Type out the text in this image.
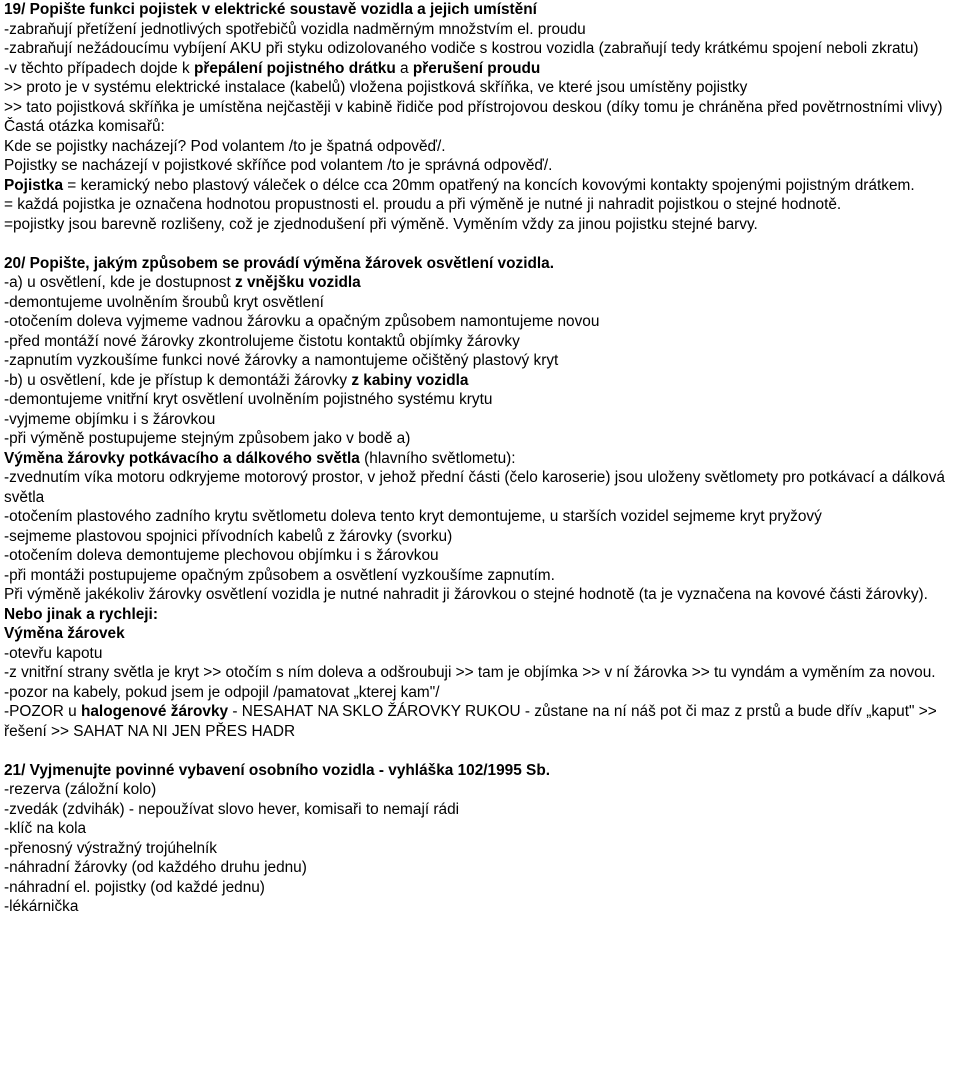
19/ Popište funkci pojistek v elektrické soustavě vozidla a jejich umístění

-zabraňují přetížení jednotlivých spotřebičů vozidla nadměrným množstvím el. proudu

-zabraňují nežádoucímu vybíjení AKU při styku odizolovaného vodiče s kostrou vozidla (zabraňují tedy krátkému spojení neboli zkratu)

-v těchto případech dojde k přepálení pojistného drátku a přerušení proudu

>> proto je v systému elektrické instalace (kabelů) vložena pojistková skříňka, ve které jsou umístěny pojistky

>> tato pojistková skříňka je umístěna nejčastěji v kabině řidiče pod přístrojovou deskou (díky tomu je chráněna před povětrnostními vlivy)

Častá otázka komisařů:

Kde se pojistky nacházejí? Pod volantem /to je špatná odpověď/.

Pojistky se nacházejí v pojistkové skříňce pod volantem /to je správná odpověď/.

Pojistka = keramický nebo plastový váleček o délce cca 20mm opatřený na koncích kovovými kontakty spojenými pojistným drátkem.

= každá pojistka je označena hodnotou propustnosti el. proudu a při výměně je nutné ji nahradit pojistkou o stejné hodnotě.

=pojistky jsou barevně rozlišeny, což je zjednodušení při výměně. Vyměním vždy za jinou pojistku stejné barvy.

20/ Popište, jakým způsobem se provádí výměna žárovek osvětlení vozidla.

-a) u osvětlení, kde je dostupnost z vnějšku vozidla

-demontujeme uvolněním šroubů kryt osvětlení

-otočením doleva vyjmeme vadnou žárovku a opačným způsobem namontujeme novou

-před montáží nové žárovky zkontrolujeme čistotu kontaktů objímky žárovky

-zapnutím vyzkoušíme funkci nové žárovky a namontujeme očištěný plastový kryt

-b) u osvětlení, kde je přístup k demontáži žárovky z kabiny vozidla

-demontujeme vnitřní kryt osvětlení uvolněním pojistného systému krytu

-vyjmeme objímku i s žárovkou

-při výměně postupujeme stejným způsobem jako v bodě a)

Výměna žárovky potkávacího a dálkového světla (hlavního světlometu):

-zvednutím víka motoru odkryjeme motorový prostor, v jehož přední části (čelo karoserie) jsou uloženy světlomety pro potkávací a dálková světla

-otočením plastového zadního krytu světlometu doleva tento kryt demontujeme, u starších vozidel sejmeme kryt pryžový

-sejmeme plastovou spojnici přívodních kabelů z žárovky (svorku)

-otočením doleva demontujeme plechovou objímku i s žárovkou

-při montáži postupujeme opačným způsobem a osvětlení vyzkoušíme zapnutím.

Při výměně jakékoliv žárovky osvětlení vozidla je nutné nahradit ji žárovkou o stejné hodnotě (ta je vyznačena na kovové části žárovky).

Nebo jinak a rychleji:

Výměna žárovek

-otevřu kapotu

-z vnitřní strany světla je kryt >> otočím s ním doleva a odšroubuji >> tam je objímka >> v ní žárovka >> tu vyndám a vyměním za novou.

-pozor na kabely, pokud jsem je odpojil /pamatovat „kterej kam"/

-POZOR u halogenové žárovky - NESAHAT NA SKLO ŽÁROVKY RUKOU - zůstane na ní náš pot či maz z prstů a bude dřív „kaput" >> řešení >> SAHAT NA NI JEN PŘES HADR

21/ Vyjmenujte povinné vybavení osobního vozidla - vyhláška 102/1995 Sb.

-rezerva (záložní kolo)

-zvedák (zdvihák) - nepoužívat slovo hever, komisaři to nemají rádi

-klíč na kola

-přenosný výstražný trojúhelník

-náhradní žárovky (od každého druhu jednu)

-náhradní el. pojistky (od každé jednu)

-lékárnička
